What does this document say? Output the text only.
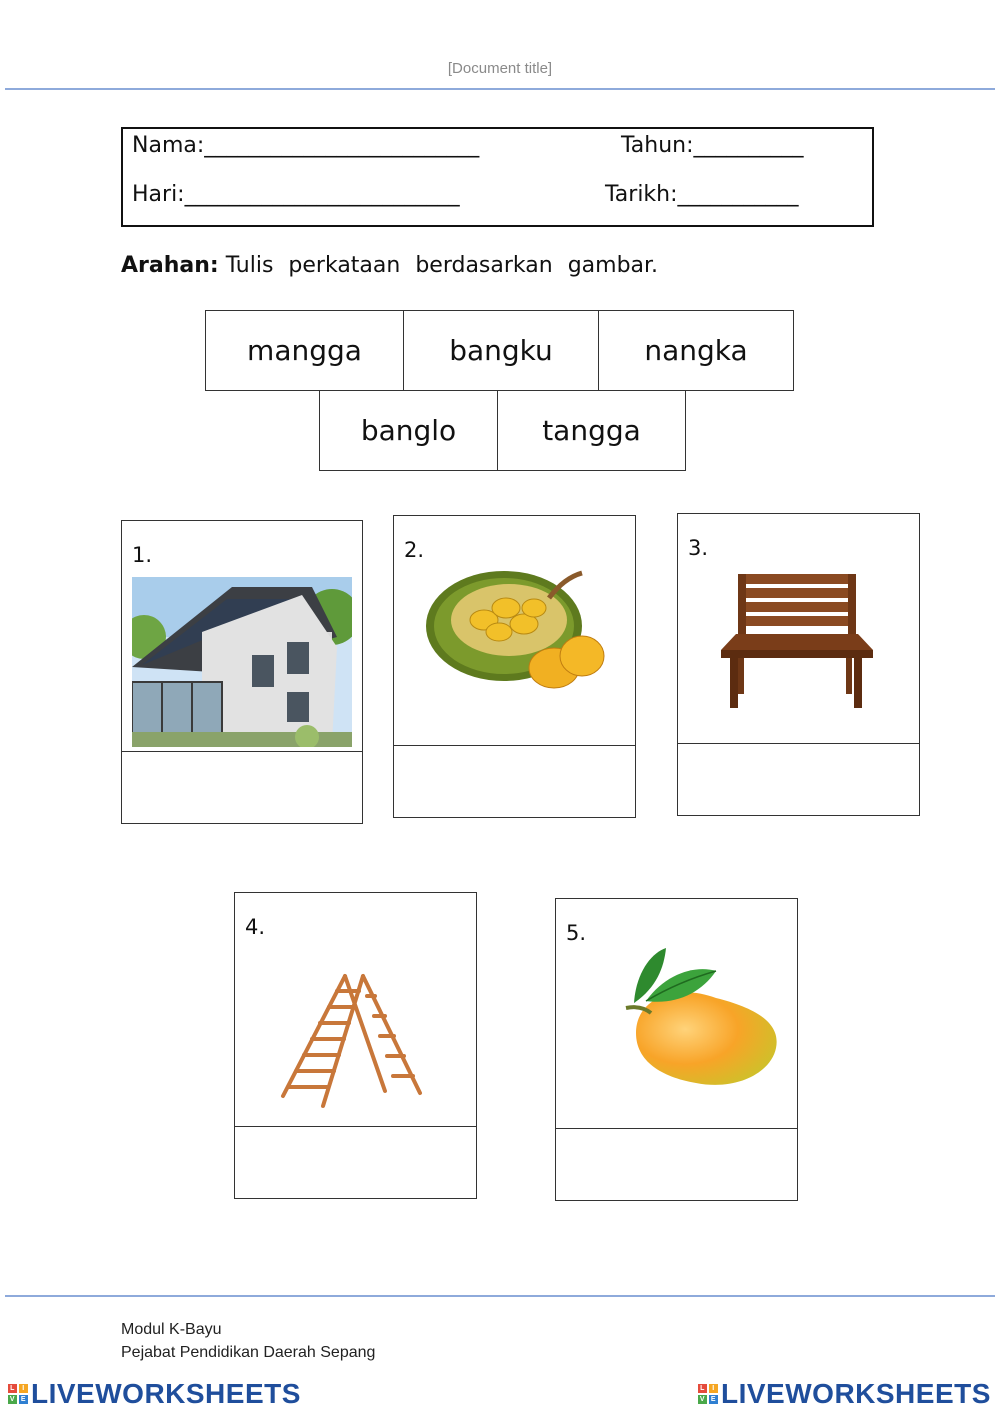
[Document title]
Nama:_________________________	Tahun:__________
Hari:_________________________	Tarikh:___________
Arahan: Tulis perkataan berdasarkan gambar.
mangga	bangku	nangka
banglo	tangga
1.	2.	3.
4.	5.
Modul K-Bayu
Pejabat Pendidikan Daerah Sepang
L	I
V E LIVEWORKSHEETS	L	I
V E LIVEWORKSHEETS
